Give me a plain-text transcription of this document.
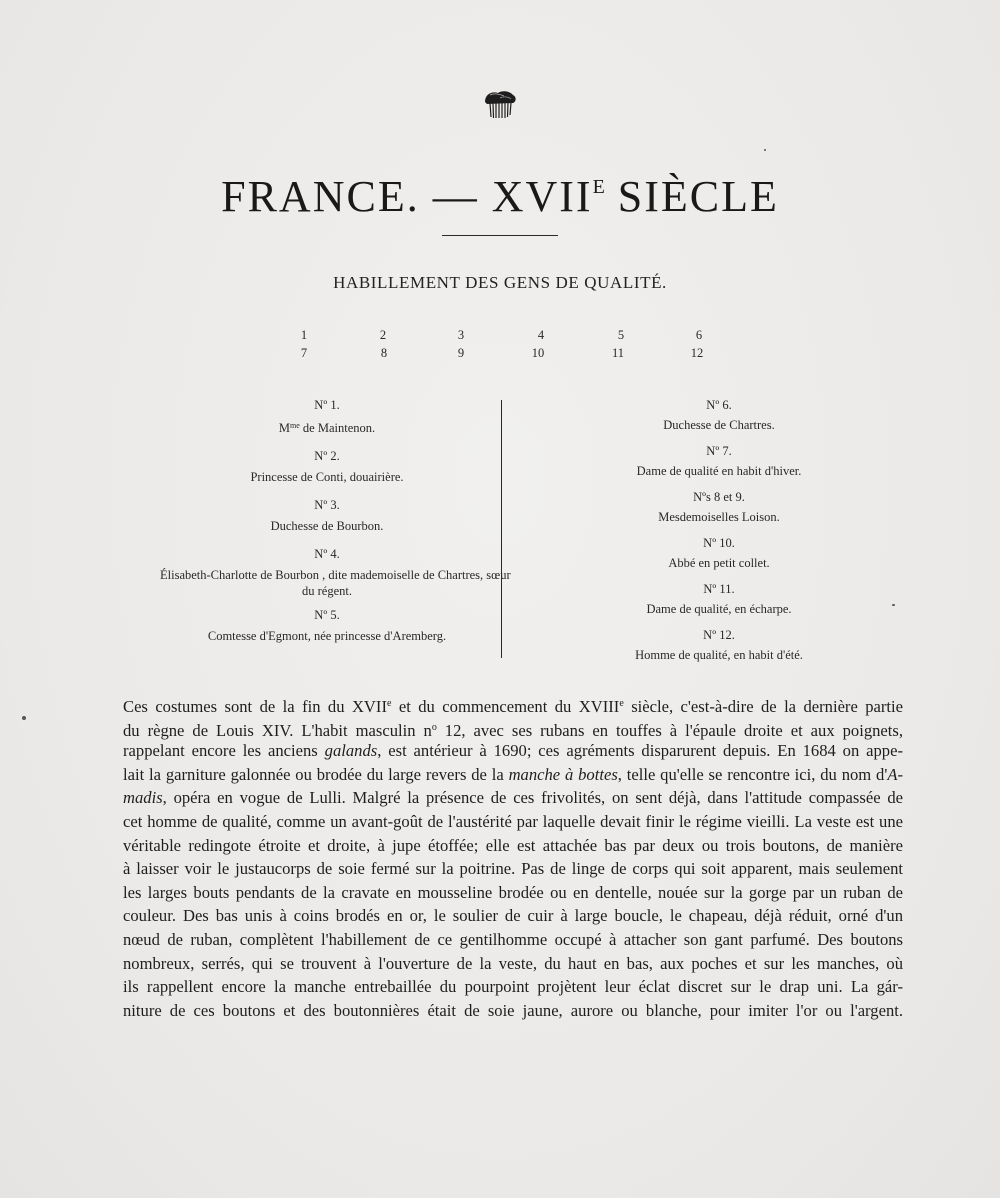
FRANCE. — $XVII^E$ SIÈCLE
HABILLEMENT DES GENS DE QUALITÉ.
1	2	3	4	5	6
7	8	9	10	11	12
Nº 1.
$M^{me}$ de Maintenon.
Nº 2.
Princesse de Conti, douairière.
Nº 3.
Duchesse de Bourbon.
Nº 4.
Élisabeth-Charlotte de Bourbon , dite mademoiselle de Chartres, sœur
du régent.
Nº 5.
Comtesse d'Egmont, née princesse d'Aremberg.
Nº 6.
Duchesse de Chartres.
Nº 7.
Dame de qualité en habit d'hiver.
Nºs 8 et 9.
Mesdemoiselles Loison.
Nº 10.
Abbé en petit collet.
Nº 11.
Dame de qualité, en écharpe.
Nº 12.
Homme de qualité, en habit d'été.
Ces costumes sont de la fin du XVIIe et du commencement du XVIIIe siècle, c'est-à-dire de la dernière partie
du règne de Louis XIV. L'habit masculin $n^o$ 12, avec ses rubans en touffes à l'épaule droite et aux poignets,
rappelant encore les anciens galands, est antérieur à 1690; ces agréments disparurent depuis. En 1684 on appe-
lait la garniture galonnée ou brodée du large revers de la manche à bottes, telle qu'elle se rencontre ici, du nom d'A-
madis, opéra en vogue de Lulli. Malgré la présence de ces frivolités, on sent déjà, dans l'attitude compassée de
cet homme de qualité, comme un avant-goût de l'austérité par laquelle devait finir le régime vieilli. La veste est une
véritable redingote étroite et droite, à jupe étoffée; elle est attachée bas par deux ou trois boutons, de manière
à laisser voir le justaucorps de soie fermé sur la poitrine. Pas de linge de corps qui soit apparent, mais seulement
les larges bouts pendants de la cravate en mousseline brodée ou en dentelle, nouée sur la gorge par un ruban de
couleur. Des bas unis à coins brodés en or, le soulier de cuir à large boucle, le chapeau, déjà réduit, orné d'un
nœud de ruban, complètent l'habillement de ce gentilhomme occupé à attacher son gant parfumé. Des boutons
nombreux, serrés, qui se trouvent à l'ouverture de la veste, du haut en bas, aux poches et sur les manches, où
ils rappellent encore la manche entrebaillée du pourpoint projètent leur éclat discret sur le drap uni. La gár-
niture de ces boutons et des boutonnières était de soie jaune, aurore ou blanche, pour imiter l'or ou l'argent.
